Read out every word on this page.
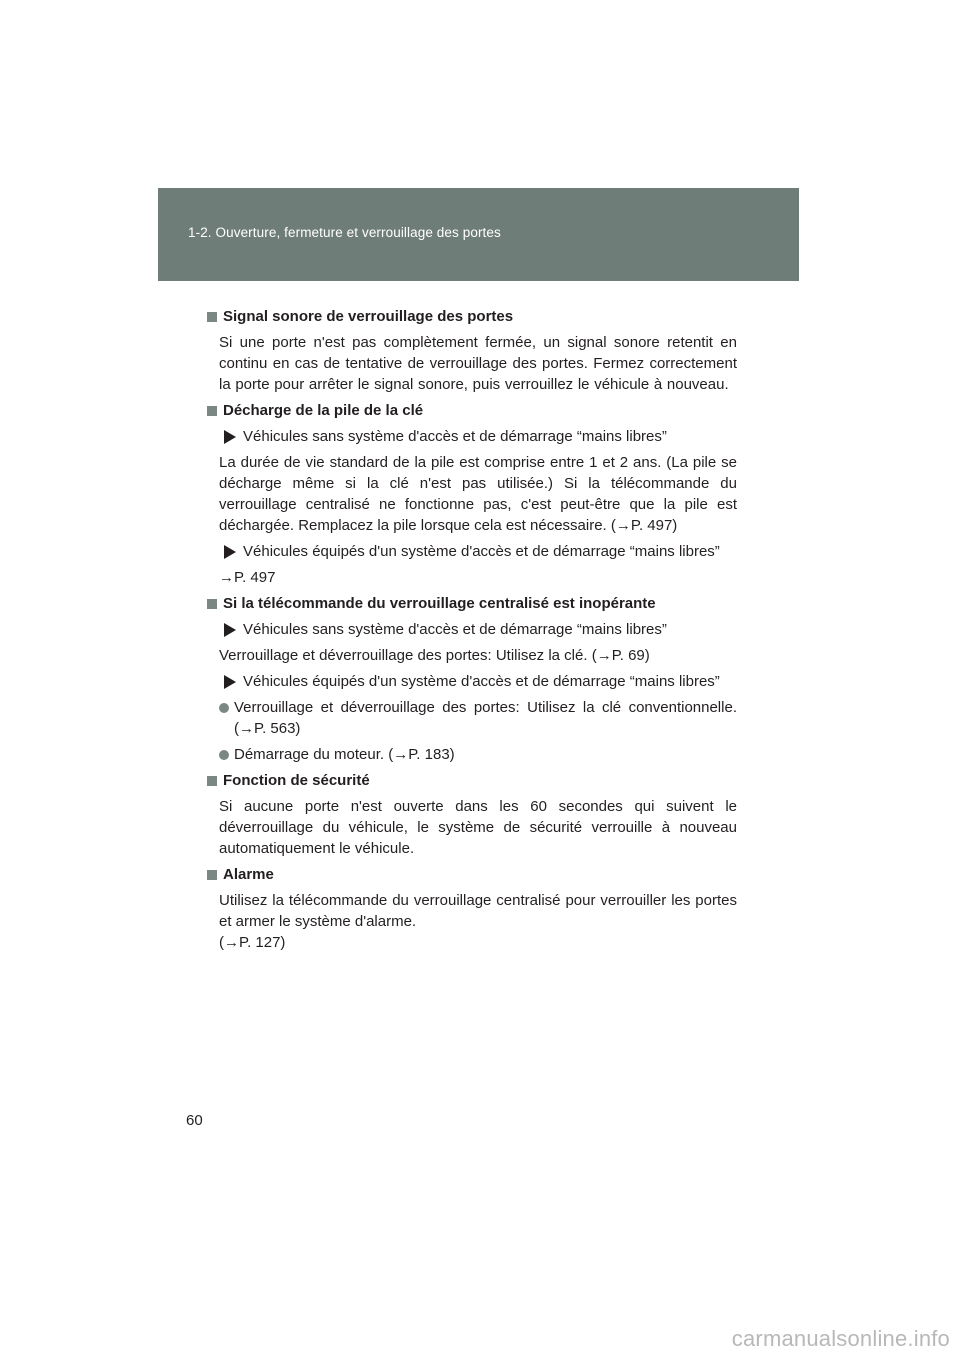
1-2. Ouverture, fermeture et verrouillage des portes
Signal sonore de verrouillage des portes
Si une porte n'est pas complètement fermée, un signal sonore retentit en continu en cas de tentative de verrouillage des portes. Fermez correctement la porte pour arrêter le signal sonore, puis verrouillez le véhicule à nouveau.
Décharge de la pile de la clé
Véhicules sans système d'accès et de démarrage “mains libres”
La durée de vie standard de la pile est comprise entre 1 et 2 ans. (La pile se décharge même si la clé n'est pas utilisée.) Si la télécommande du verrouillage centralisé ne fonctionne pas, c'est peut-être que la pile est déchargée. Remplacez la pile lorsque cela est nécessaire. (→P. 497)
Véhicules équipés d'un système d'accès et de démarrage “mains libres”
→P. 497
Si la télécommande du verrouillage centralisé est inopérante
Véhicules sans système d'accès et de démarrage “mains libres”
Verrouillage et déverrouillage des portes: Utilisez la clé. (→P. 69)
Véhicules équipés d'un système d'accès et de démarrage “mains libres”
Verrouillage et déverrouillage des portes: Utilisez la clé conventionnelle. (→P. 563)
Démarrage du moteur. (→P. 183)
Fonction de sécurité
Si aucune porte n'est ouverte dans les 60 secondes qui suivent le déverrouillage du véhicule, le système de sécurité verrouille à nouveau automatiquement le véhicule.
Alarme
Utilisez la télécommande du verrouillage centralisé pour verrouiller les portes et armer le système d'alarme.
(→P. 127)
60
carmanualsonline.info
